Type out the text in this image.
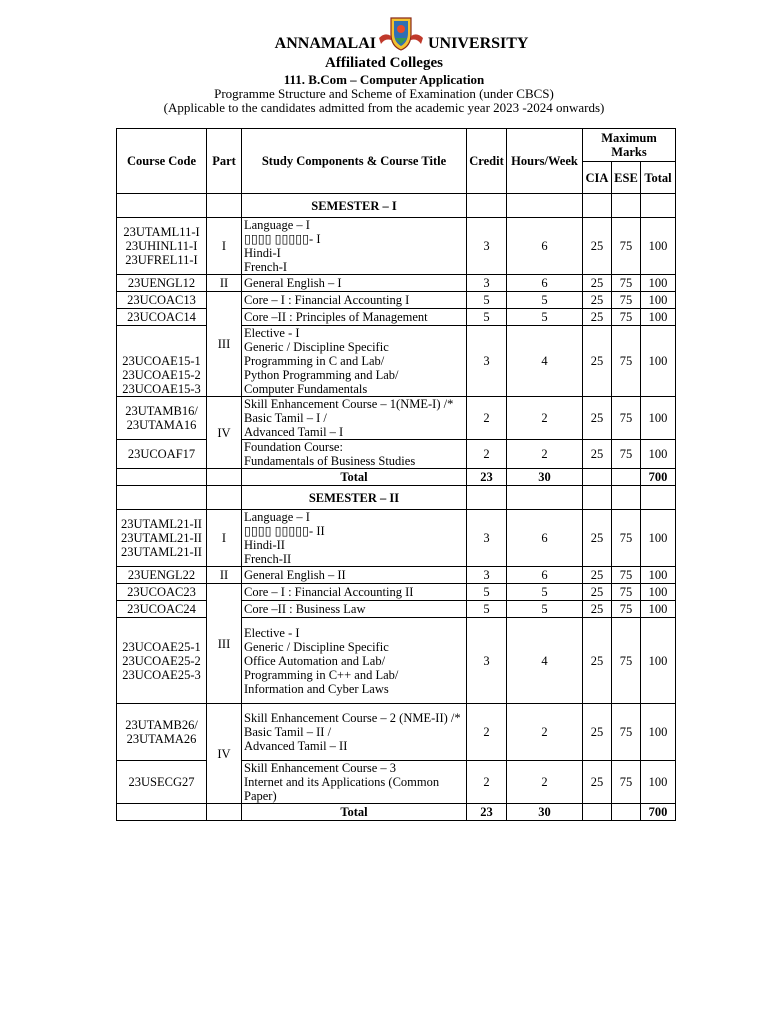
ANNAMALAI	UNIVERSITY
Affiliated Colleges
111. B.Com – Computer Application
Programme Structure and Scheme of Examination (under CBCS)
(Applicable to the candidates admitted from the academic year 2023 -2024 onwards)
Course Code	Part	Study Components & Course Title	Credit	Hours/Week	Maximum Marks		
					CIA	ESE	Total
		SEMESTER – I					
23UTAML11-I
23UHINL11-I
23UFREL11-I	I	Language – I
▯▯▯▯ ▯▯▯▯▯- I
Hindi-I
French-I	3	6	25	75	100
23UENGL12	II	General English – I	3	6	25	75	100
23UCOAC13	III	Core – I : Financial Accounting I	5	5	25	75	100
23UCOAC14		Core –II : Principles of Management	5	5	25	75	100
23UCOAE15-1
23UCOAE15-2
23UCOAE15-3		Elective - I
Generic / Discipline Specific
Programming in C and Lab/
Python Programming and Lab/
Computer Fundamentals	3	4	25	75	100
23UTAMB16/
23UTAMA16	IV	Skill Enhancement Course – 1(NME-I) /*
Basic Tamil – I /
Advanced Tamil – I	2	2	25	75	100
23UCOAF17		Foundation Course:
Fundamentals of Business Studies	2	2	25	75	100
		Total	23	30			700
		SEMESTER – II					
23UTAML21-II
23UTAML21-II
23UTAML21-II	I	Language – I
▯▯▯▯ ▯▯▯▯▯- II
Hindi-II
French-II	3	6	25	75	100
23UENGL22	II	General English – II	3	6	25	75	100
23UCOAC23	III	Core – I : Financial Accounting II	5	5	25	75	100
23UCOAC24		Core –II : Business Law	5	5	25	75	100
23UCOAE25-1
23UCOAE25-2
23UCOAE25-3		Elective - I
Generic / Discipline Specific
Office Automation and Lab/
Programming in C++ and Lab/
Information and Cyber Laws	3	4	25	75	100
23UTAMB26/
23UTAMA26	IV	Skill Enhancement Course – 2 (NME-II) /*
Basic Tamil – II /
Advanced Tamil – II	2	2	25	75	100
23USECG27		Skill Enhancement Course – 3
Internet and its Applications (Common Paper)	2	2	25	75	100
		Total	23	30			700
